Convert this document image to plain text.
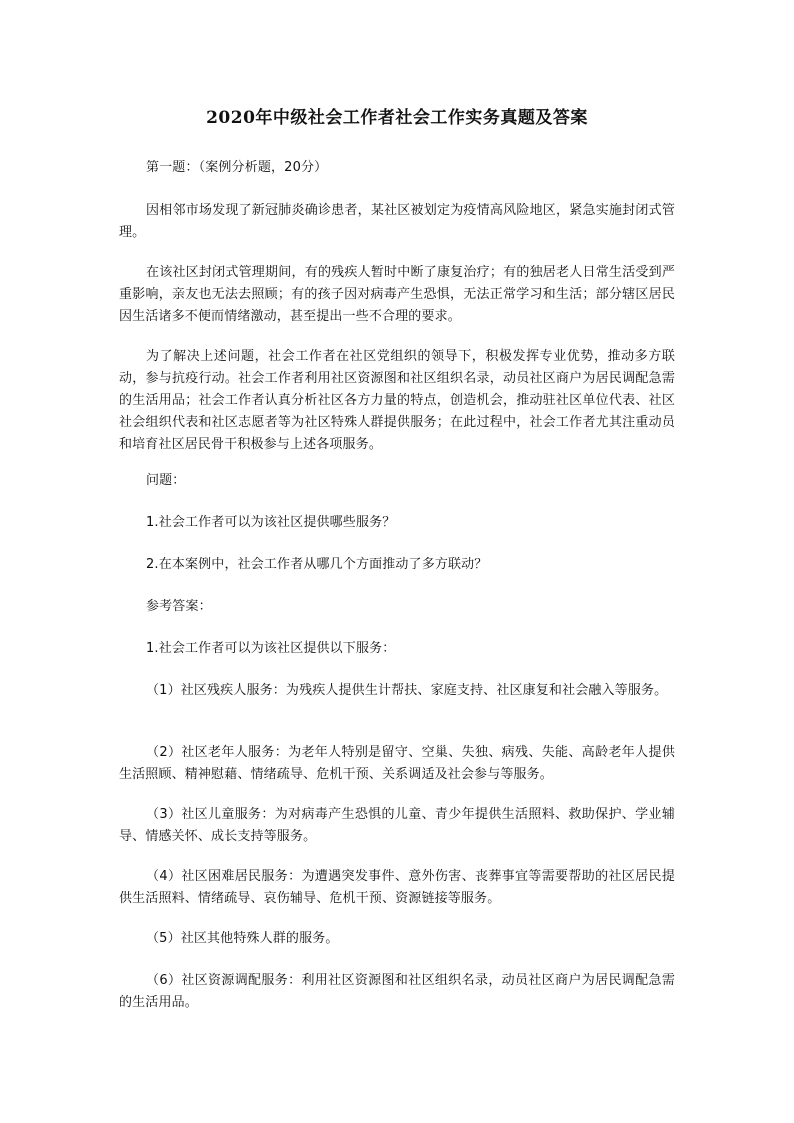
2020年中级社会工作者社会工作实务真题及答案

第一题：（案例分析题，20分）

因相邻市场发现了新冠肺炎确诊患者，某社区被划定为疫情高风险地区，紧急实施封闭式管理。

在该社区封闭式管理期间，有的残疾人暂时中断了康复治疗；有的独居老人日常生活受到严重影响，亲友也无法去照顾；有的孩子因对病毒产生恐惧，无法正常学习和生活；部分辖区居民因生活诸多不便而情绪激动，甚至提出一些不合理的要求。

为了解决上述问题，社会工作者在社区党组织的领导下，积极发挥专业优势，推动多方联动，参与抗疫行动。社会工作者利用社区资源图和社区组织名录，动员社区商户为居民调配急需的生活用品；社会工作者认真分析社区各方力量的特点，创造机会，推动驻社区单位代表、社区社会组织代表和社区志愿者等为社区特殊人群提供服务；在此过程中，社会工作者尤其注重动员和培育社区居民骨干积极参与上述各项服务。

问题：

1.社会工作者可以为该社区提供哪些服务？

2.在本案例中，社会工作者从哪几个方面推动了多方联动？

参考答案：

1.社会工作者可以为该社区提供以下服务：

（1）社区残疾人服务：为残疾人提供生计帮扶、家庭支持、社区康复和社会融入等服务。

（2）社区老年人服务：为老年人特别是留守、空巢、失独、病残、失能、高龄老年人提供生活照顾、精神慰藉、情绪疏导、危机干预、关系调适及社会参与等服务。

（3）社区儿童服务：为对病毒产生恐惧的儿童、青少年提供生活照料、救助保护、学业辅导、情感关怀、成长支持等服务。

（4）社区困难居民服务：为遭遇突发事件、意外伤害、丧葬事宜等需要帮助的社区居民提供生活照料、情绪疏导、哀伤辅导、危机干预、资源链接等服务。

（5）社区其他特殊人群的服务。

（6）社区资源调配服务：利用社区资源图和社区组织名录，动员社区商户为居民调配急需的生活用品。
